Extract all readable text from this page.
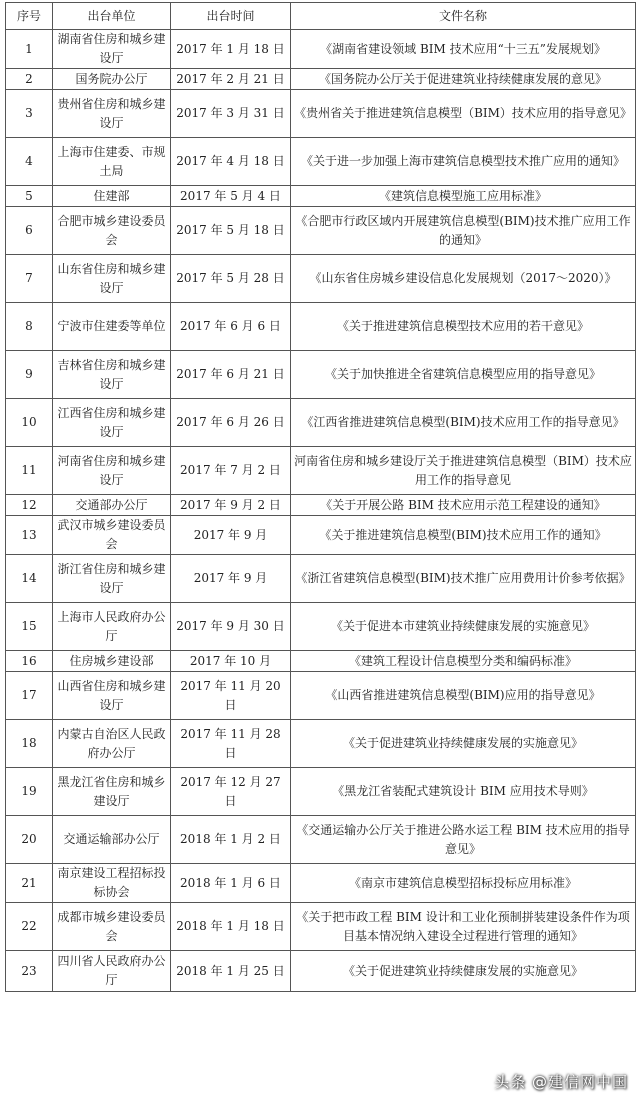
序号	出台单位	出台时间	文件名称
1	湖南省住房和城乡建设厅	2017 年 1 月 18 日	《湖南省建设领域 BIM 技术应用“十三五”发展规划》
2	国务院办公厅	2017 年 2 月 21 日	《国务院办公厅关于促进建筑业持续健康发展的意见》
3	贵州省住房和城乡建设厅	2017 年 3 月 31 日	《贵州省关于推进建筑信息模型（BIM）技术应用的指导意见》
4	上海市住建委、市规土局	2017 年 4 月 18 日	《关于进一步加强上海市建筑信息模型技术推广应用的通知》
5	住建部	2017 年 5 月 4 日	《建筑信息模型施工应用标准》
6	合肥市城乡建设委员会	2017 年 5 月 18 日	《合肥市行政区域内开展建筑信息模型(BIM)技术推广应用工作的通知》
7	山东省住房和城乡建设厅	2017 年 5 月 28 日	《山东省住房城乡建设信息化发展规划（2017～2020）》
8	宁波市住建委等单位	2017 年 6 月 6 日	《关于推进建筑信息模型技术应用的若干意见》
9	吉林省住房和城乡建设厅	2017 年 6 月 21 日	《关于加快推进全省建筑信息模型应用的指导意见》
10	江西省住房和城乡建设厅	2017 年 6 月 26 日	《江西省推进建筑信息模型(BIM)技术应用工作的指导意见》
11	河南省住房和城乡建设厅	2017 年 7 月 2 日	河南省住房和城乡建设厅关于推进建筑信息模型（BIM）技术应用工作的指导意见
12	交通部办公厅	2017 年 9 月 2 日	《关于开展公路 BIM 技术应用示范工程建设的通知》
13	武汉市城乡建设委员会	2017 年 9 月	《关于推进建筑信息模型(BIM)技术应用工作的通知》
14	浙江省住房和城乡建设厅	2017 年 9 月	《浙江省建筑信息模型(BIM)技术推广应用费用计价参考依据》
15	上海市人民政府办公厅	2017 年 9 月 30 日	《关于促进本市建筑业持续健康发展的实施意见》
16	住房城乡建设部	2017 年 10 月	《建筑工程设计信息模型分类和编码标准》
17	山西省住房和城乡建设厅	2017 年 11 月 20 日	《山西省推进建筑信息模型(BIM)应用的指导意见》
18	内蒙古自治区人民政府办公厅	2017 年 11 月 28 日	《关于促进建筑业持续健康发展的实施意见》
19	黑龙江省住房和城乡建设厅	2017 年 12 月 27 日	《黑龙江省装配式建筑设计 BIM 应用技术导则》
20	交通运输部办公厅	2018 年 1 月 2 日	《交通运输办公厅关于推进公路水运工程 BIM 技术应用的指导意见》
21	南京建设工程招标投标协会	2018 年 1 月 6 日	《南京市建筑信息模型招标投标应用标准》
22	成都市城乡建设委员会	2018 年 1 月 18 日	《关于把市政工程 BIM 设计和工业化预制拼装建设条件作为项目基本情况纳入建设全过程进行管理的通知》
23	四川省人民政府办公厅	2018 年 1 月 25 日	《关于促进建筑业持续健康发展的实施意见》
头条 @建信网中国
